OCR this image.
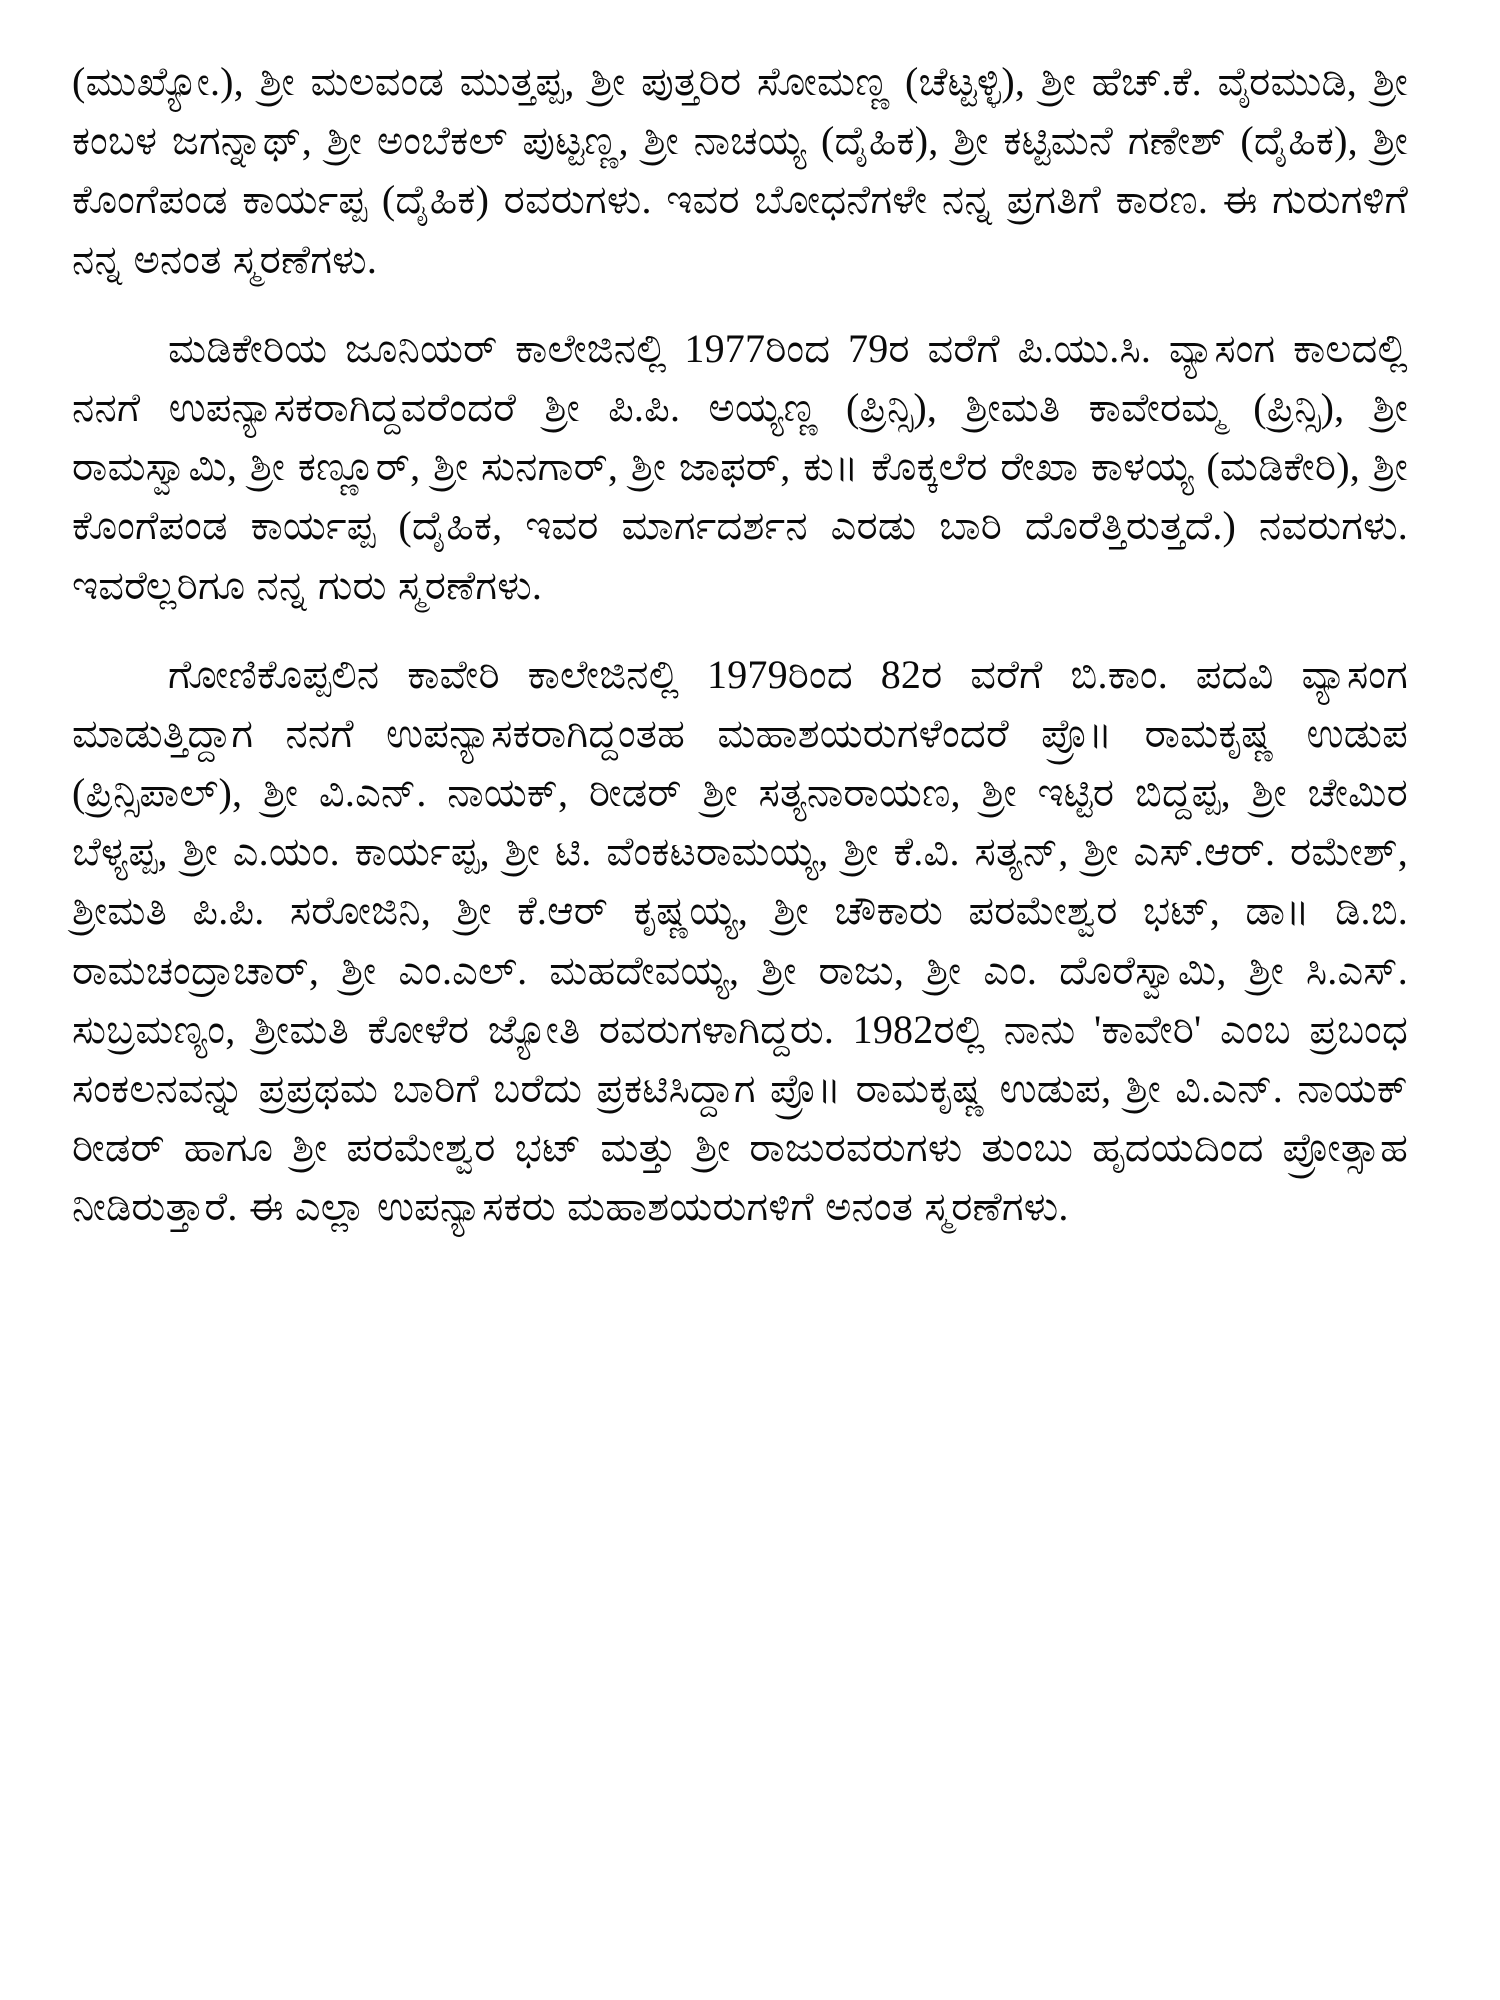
(ಮುಖ್ಯೋ.), ಶ್ರೀ ಮಲವಂಡ ಮುತ್ತಪ್ಪ, ಶ್ರೀ ಪುತ್ತರಿರ ಸೋಮಣ್ಣ (ಚೆಟ್ಟಳ್ಳಿ), ಶ್ರೀ ಹೆಚ್.ಕೆ. ವೈರಮುಡಿ, ಶ್ರೀ ಕಂಬಳ ಜಗನ್ನಾಥ್, ಶ್ರೀ ಅಂಬೆಕಲ್ ಪುಟ್ಟಣ್ಣ, ಶ್ರೀ ನಾಚಯ್ಯ (ದೈಹಿಕ), ಶ್ರೀ ಕಟ್ಟಿಮನೆ ಗಣೇಶ್ (ದೈಹಿಕ), ಶ್ರೀ ಕೊಂಗೆಪಂಡ ಕಾರ್ಯಪ್ಪ (ದೈಹಿಕ) ರವರುಗಳು. ಇವರ ಬೋಧನೆಗಳೇ ನನ್ನ ಪ್ರಗತಿಗೆ ಕಾರಣ. ಈ ಗುರುಗಳಿಗೆ ನನ್ನ ಅನಂತ ಸ್ಮರಣೆಗಳು.

ಮಡಿಕೇರಿಯ ಜೂನಿಯರ್ ಕಾಲೇಜಿನಲ್ಲಿ 1977ರಿಂದ 79ರ ವರೆಗೆ ಪಿ.ಯು.ಸಿ. ವ್ಯಾಸಂಗ ಕಾಲದಲ್ಲಿ ನನಗೆ ಉಪನ್ಯಾಸಕರಾಗಿದ್ದವರೆಂದರೆ ಶ್ರೀ ಪಿ.ಪಿ. ಅಯ್ಯಣ್ಣ (ಪ್ರಿನ್ಸಿ), ಶ್ರೀಮತಿ ಕಾವೇರಮ್ಮ (ಪ್ರಿನ್ಸಿ), ಶ್ರೀ ರಾಮಸ್ವಾಮಿ, ಶ್ರೀ ಕಣ್ಣೂರ್, ಶ್ರೀ ಸುನಗಾರ್, ಶ್ರೀ ಜಾಫರ್, ಕು॥ ಕೊಕ್ಕಲೆರ ರೇಖಾ ಕಾಳಯ್ಯ (ಮಡಿಕೇರಿ), ಶ್ರೀ ಕೊಂಗೆಪಂಡ ಕಾರ್ಯಪ್ಪ (ದೈಹಿಕ, ಇವರ ಮಾರ್ಗದರ್ಶನ ಎರಡು ಬಾರಿ ದೊರೆತ್ತಿರುತ್ತದೆ.) ನವರುಗಳು. ಇವರೆಲ್ಲರಿಗೂ ನನ್ನ ಗುರು ಸ್ಮರಣೆಗಳು.

ಗೋಣಿಕೊಪ್ಪಲಿನ ಕಾವೇರಿ ಕಾಲೇಜಿನಲ್ಲಿ 1979ರಿಂದ 82ರ ವರೆಗೆ ಬಿ.ಕಾಂ. ಪದವಿ ವ್ಯಾಸಂಗ ಮಾಡುತ್ತಿದ್ದಾಗ ನನಗೆ ಉಪನ್ಯಾಸಕರಾಗಿದ್ದಂತಹ ಮಹಾಶಯರುಗಳೆಂದರೆ ಪ್ರೊ॥ ರಾಮಕೃಷ್ಣ ಉಡುಪ (ಪ್ರಿನ್ಸಿಪಾಲ್), ಶ್ರೀ ವಿ.ಎನ್. ನಾಯಕ್, ರೀಡರ್ ಶ್ರೀ ಸತ್ಯನಾರಾಯಣ, ಶ್ರೀ ಇಟ್ಟಿರ ಬಿದ್ದಪ್ಪ, ಶ್ರೀ ಚೇಮಿರ ಬೆಳ್ಯಪ್ಪ, ಶ್ರೀ ಎ.ಯಂ. ಕಾರ್ಯಪ್ಪ, ಶ್ರೀ ಟಿ. ವೆಂಕಟರಾಮಯ್ಯ, ಶ್ರೀ ಕೆ.ವಿ. ಸತ್ಯನ್, ಶ್ರೀ ಎಸ್.ಆರ್. ರಮೇಶ್, ಶ್ರೀಮತಿ ಪಿ.ಪಿ. ಸರೋಜಿನಿ, ಶ್ರೀ ಕೆ.ಆರ್ ಕೃಷ್ಣಯ್ಯ, ಶ್ರೀ ಚೌಕಾರು ಪರಮೇಶ್ವರ ಭಟ್, ಡಾ॥ ಡಿ.ಬಿ. ರಾಮಚಂದ್ರಾಚಾರ್, ಶ್ರೀ ಎಂ.ಎಲ್. ಮಹದೇವಯ್ಯ, ಶ್ರೀ ರಾಜು, ಶ್ರೀ ಎಂ. ದೊರೆಸ್ವಾಮಿ, ಶ್ರೀ ಸಿ.ಎಸ್. ಸುಬ್ರಮಣ್ಯಂ, ಶ್ರೀಮತಿ ಕೋಳೆರ ಜ್ಯೋತಿ ರವರುಗಳಾಗಿದ್ದರು. 1982ರಲ್ಲಿ ನಾನು 'ಕಾವೇರಿ' ಎಂಬ ಪ್ರಬಂಧ ಸಂಕಲನವನ್ನು ಪ್ರಪ್ರಥಮ ಬಾರಿಗೆ ಬರೆದು ಪ್ರಕಟಿಸಿದ್ದಾಗ ಪ್ರೊ॥ ರಾಮಕೃಷ್ಣ ಉಡುಪ, ಶ್ರೀ ವಿ.ಎನ್. ನಾಯಕ್ ರೀಡರ್ ಹಾಗೂ ಶ್ರೀ ಪರಮೇಶ್ವರ ಭಟ್ ಮತ್ತು ಶ್ರೀ ರಾಜುರವರುಗಳು ತುಂಬು ಹೃದಯದಿಂದ ಪ್ರೋತ್ಸಾಹ ನೀಡಿರುತ್ತಾರೆ. ಈ ಎಲ್ಲಾ ಉಪನ್ಯಾಸಕರು ಮಹಾಶಯರುಗಳಿಗೆ ಅನಂತ ಸ್ಮರಣೆಗಳು.
